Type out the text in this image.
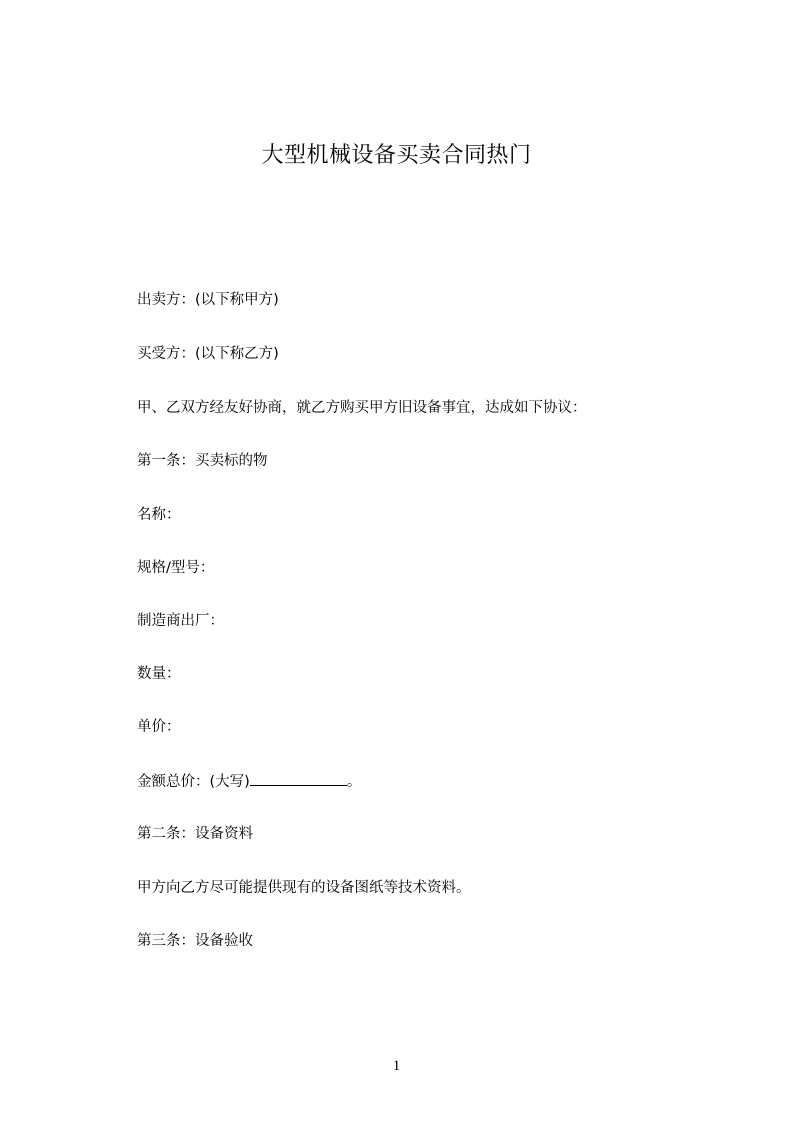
大型机械设备买卖合同热门
出卖方：(以下称甲方)
买受方：(以下称乙方)
甲、乙双方经友好协商，就乙方购买甲方旧设备事宜，达成如下协议：
第一条：买卖标的物
名称：
规格/型号：
制造商出厂：
数量：
单价：
金额总价：(大写)	。
第二条：设备资料
甲方向乙方尽可能提供现有的设备图纸等技术资料。
第三条：设备验收
1
